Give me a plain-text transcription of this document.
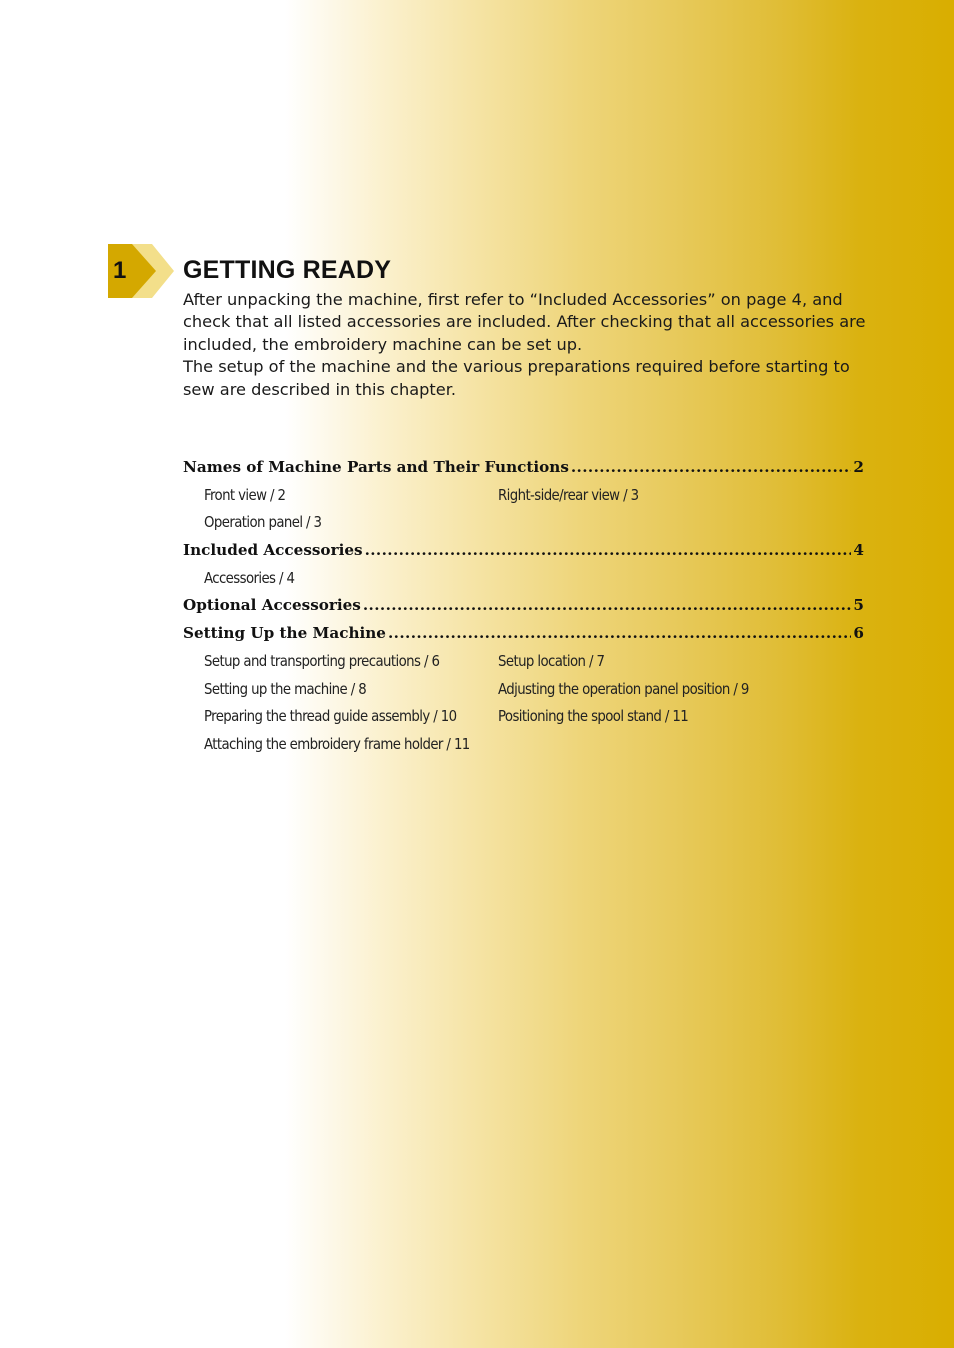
1 GETTING READY

After unpacking the machine, first refer to “Included Accessories” on page 4, and check that all listed accessories are included. After checking that all accessories are included, the embroidery machine can be set up.

The setup of the machine and the various preparations required before starting to sew are described in this chapter.

Names of Machine Parts and Their Functions .....	2
Front view / 2	Right-side/rear view / 3
Operation panel / 3
Included Accessories .....	4
Accessories / 4
Optional Accessories .....	5
Setting Up the Machine .....	6
Setup and transporting precautions / 6	Setup location / 7
Setting up the machine / 8	Adjusting the operation panel position / 9
Preparing the thread guide assembly / 10	Positioning the spool stand / 11
Attaching the embroidery frame holder / 11
